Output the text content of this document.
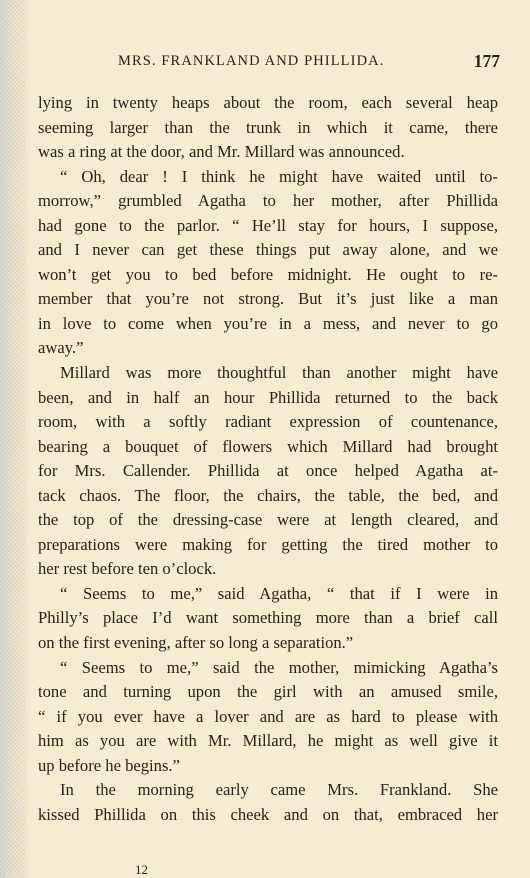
MRS. FRANKLAND AND PHILLIDA.	177
lying in twenty heaps about the room, each several heap
seeming larger than the trunk in which it came, there
was a ring at the door, and Mr. Millard was announced.
“ Oh, dear ! I think he might have waited until to-
morrow,” grumbled Agatha to her mother, after Phillida
had gone to the parlor. “ He’ll stay for hours, I suppose,
and I never can get these things put away alone, and we
won’t get you to bed before midnight. He ought to re-
member that you’re not strong. But it’s just like a man
in love to come when you’re in a mess, and never to go
away.”
Millard was more thoughtful than another might have
been, and in half an hour Phillida returned to the back
room, with a softly radiant expression of countenance,
bearing a bouquet of flowers which Millard had brought
for Mrs. Callender. Phillida at once helped Agatha at-
tack chaos. The floor, the chairs, the table, the bed, and
the top of the dressing-case were at length cleared, and
preparations were making for getting the tired mother to
her rest before ten o’clock.
“ Seems to me,” said Agatha, “ that if I were in
Philly’s place I’d want something more than a brief call
on the first evening, after so long a separation.”
“ Seems to me,” said the mother, mimicking Agatha’s
tone and turning upon the girl with an amused smile,
“ if you ever have a lover and are as hard to please with
him as you are with Mr. Millard, he might as well give it
up before he begins.”
In the morning early came Mrs. Frankland. She
kissed Phillida on this cheek and on that, embraced her
12
